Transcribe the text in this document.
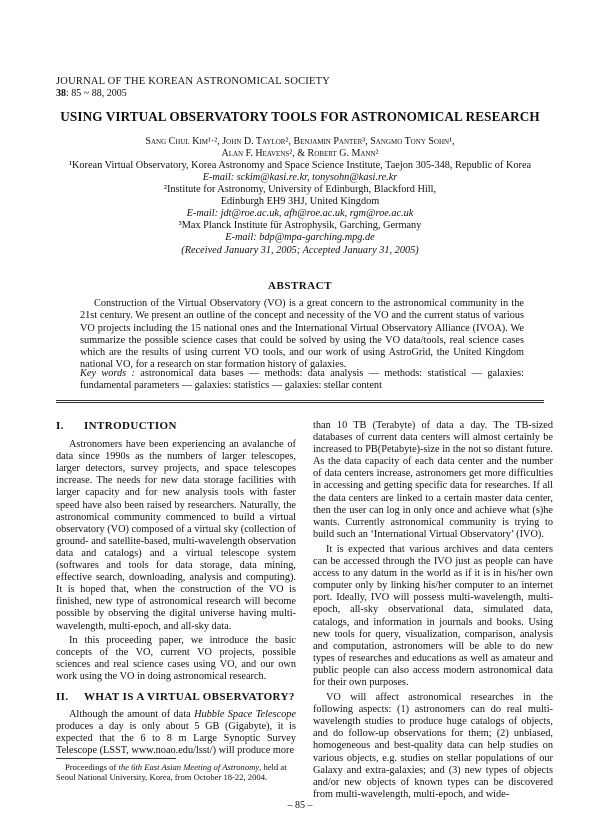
JOURNAL OF THE KOREAN ASTRONOMICAL SOCIETY
38: 85 ~ 88, 2005
USING VIRTUAL OBSERVATORY TOOLS FOR ASTRONOMICAL RESEARCH
Sang Chul Kim¹·², John D. Taylor², Benjamin Panter³, Sangmo Tony Sohn¹,
Alan F. Heavens², & Robert G. Mann²
¹Korean Virtual Observatory, Korea Astronomy and Space Science Institute, Taejon 305-348, Republic of Korea
E-mail: sckim@kasi.re.kr, tonysohn@kasi.re.kr
²Institute for Astronomy, University of Edinburgh, Blackford Hill,
Edinburgh EH9 3HJ, United Kingdom
E-mail: jdt@roe.ac.uk, afh@roe.ac.uk, rgm@roe.ac.uk
³Max Planck Institute für Astrophysik, Garching, Germany
E-mail: bdp@mpa-garching.mpg.de
(Received January 31, 2005; Accepted January 31, 2005)
ABSTRACT
Construction of the Virtual Observatory (VO) is a great concern to the astronomical community in the 21st century. We present an outline of the concept and necessity of the VO and the current status of various VO projects including the 15 national ones and the International Virtual Observatory Alliance (IVOA). We summarize the possible science cases that could be solved by using the VO data/tools, real science cases which are the results of using current VO tools, and our work of using AstroGrid, the United Kingdom national VO, for a research on star formation history of galaxies.
Key words : astronomical data bases — methods: data analysis — methods: statistical — galaxies: fundamental parameters — galaxies: statistics — galaxies: stellar content
I. INTRODUCTION

Astronomers have been experiencing an avalanche of data since 1990s as the numbers of larger telescopes, larger detectors, survey projects, and space telescopes increase. The needs for new data storage facilities with larger capacity and for new analysis tools with faster speed have also been raised by researchers. Naturally, the astronomical community commenced to build a virtual observatory (VO) composed of a virtual sky (collection of ground- and satellite-based, multi-wavelength observation data and catalogs) and a virtual telescope system (softwares and tools for data storage, data mining, effective search, downloading, analysis and computing). It is hoped that, when the construction of the VO is finished, new type of astronomical research will become possible by observing the digital universe having multi-wavelength, multi-epoch, and all-sky data.

In this proceeding paper, we introduce the basic concepts of the VO, current VO projects, possible sciences and real science cases using VO, and our own work using the VO in doing astronomical research.

II. WHAT IS A VIRTUAL OBSERVATORY?

Although the amount of data Hubble Space Telescope produces a day is only about 5 GB (Gigabyte), it is expected that the 6 to 8 m Large Synoptic Survey Telescope (LSST, www.noao.edu/lsst/) will produce more

than 10 TB (Terabyte) of data a day. The TB-sized databases of current data centers will almost certainly be increased to PB(Petabyte)-size in the not so distant future. As the data capacity of each data center and the number of data centers increase, astronomers get more difficulties in accessing and getting specific data for researches. If all the data centers are linked to a certain master data center, then the user can log in only once and achieve what (s)he wants. Currently astronomical community is trying to build such an ‘International Virtual Observatory’ (IVO).

It is expected that various archives and data centers can be accessed through the IVO just as people can have access to any datum in the world as if it is in his/her own computer only by linking his/her computer to an internet port. Ideally, IVO will possess multi-wavelength, multi-epoch, all-sky observational data, simulated data, catalogs, and information in journals and books. Using new tools for query, visualization, comparison, analysis and computation, astronomers will be able to do new types of researches and educations as well as amateur and public people can also access modern astronomical data for their own purposes.

VO will affect astronomical researches in the following aspects: (1) astronomers can do real multi-wavelength studies to produce huge catalogs of objects, and do follow-up observations for them; (2) unbiased, homogeneous and best-quality data can help studies on various objects, e.g. studies on stellar populations of our Galaxy and extra-galaxies; and (3) new types of objects and/or new objects of known types can be discovered from multi-wavelength, multi-epoch, and wide-

Proceedings of the 6th East Asian Meeting of Astronomy, held at Seoul National University, Korea, from October 18-22, 2004.
– 85 –
